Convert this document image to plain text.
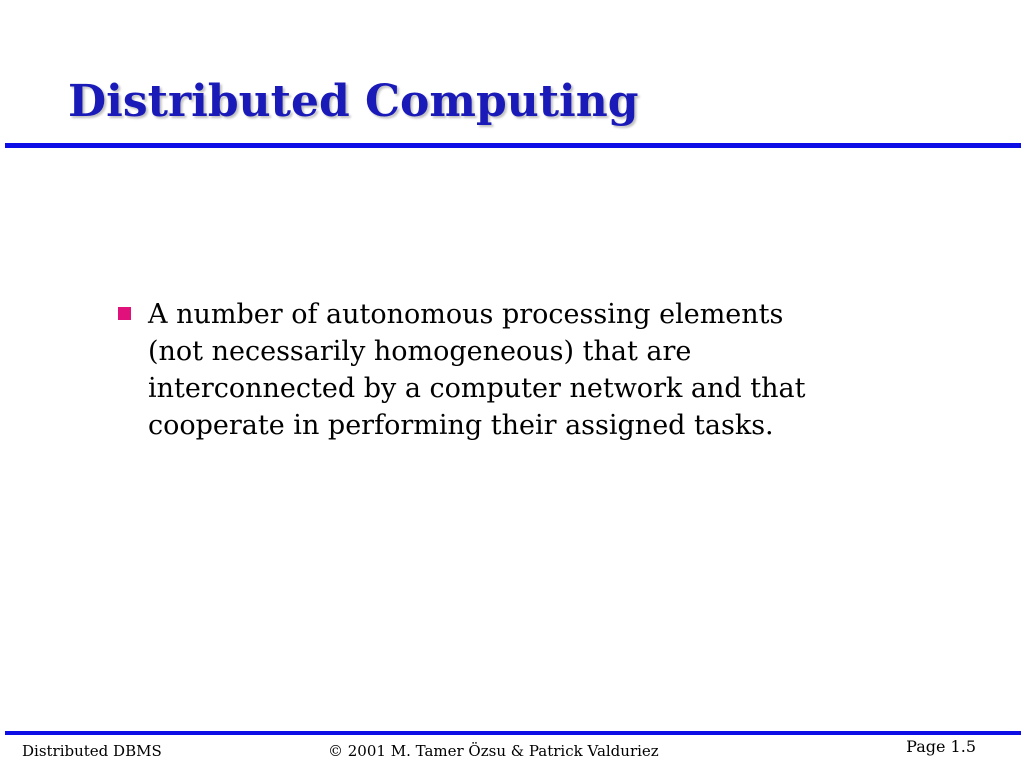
Distributed Computing
A number of autonomous processing elements
(not necessarily homogeneous) that are
interconnected by a computer network and that
cooperate in performing their assigned tasks.
Distributed DBMS	© 2001 M. Tamer Özsu & Patrick Valduriez	Page 1.5
